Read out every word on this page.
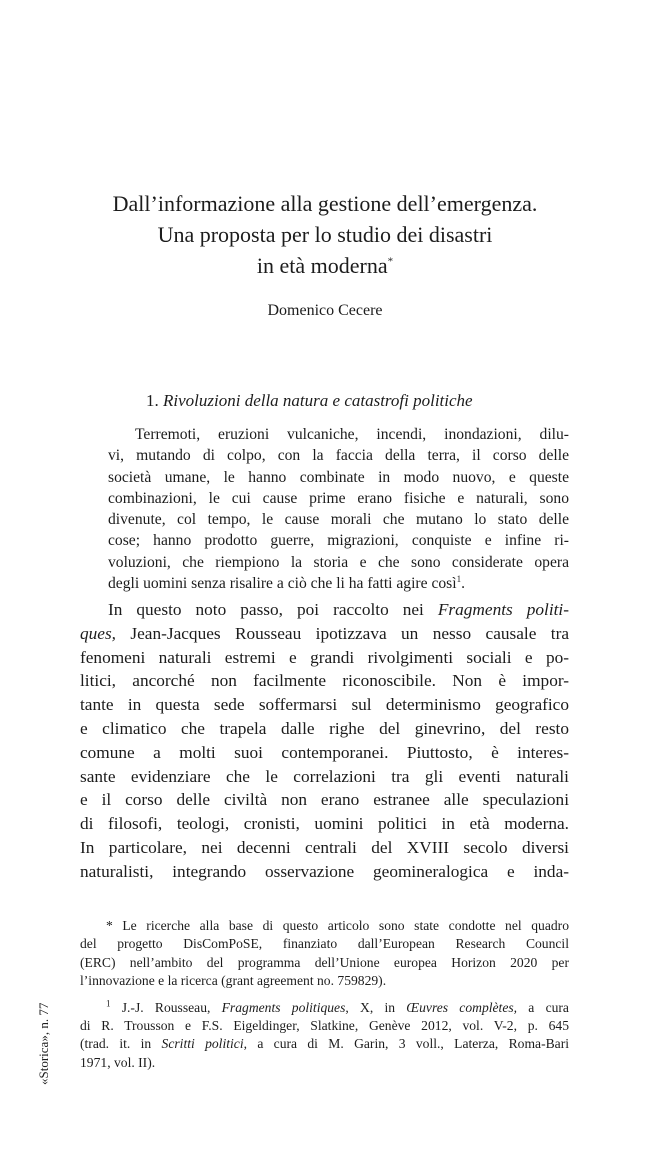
Dall’informazione alla gestione dell’emergenza.
Una proposta per lo studio dei disastri
in età moderna*
Domenico Cecere
1. Rivoluzioni della natura e catastrofi politiche
Terremoti, eruzioni vulcaniche, incendi, inondazioni, dilu-
vi, mutando di colpo, con la faccia della terra, il corso delle
società umane, le hanno combinate in modo nuovo, e queste
combinazioni, le cui cause prime erano fisiche e naturali, sono
divenute, col tempo, le cause morali che mutano lo stato delle
cose; hanno prodotto guerre, migrazioni, conquiste e infine ri-
voluzioni, che riempiono la storia e che sono considerate opera
degli uomini senza risalire a ciò che li ha fatti agire così$^1$.
In questo noto passo, poi raccolto nei Fragments politi-
ques, Jean-Jacques Rousseau ipotizzava un nesso causale tra
fenomeni naturali estremi e grandi rivolgimenti sociali e po-
litici, ancorché non facilmente riconoscibile. Non è impor-
tante in questa sede soffermarsi sul determinismo geografico
e climatico che trapela dalle righe del ginevrino, del resto
comune a molti suoi contemporanei. Piuttosto, è interes-
sante evidenziare che le correlazioni tra gli eventi naturali
e il corso delle civiltà non erano estranee alle speculazioni
di filosofi, teologi, cronisti, uomini politici in età moderna.
In particolare, nei decenni centrali del XVIII secolo diversi
naturalisti, integrando osservazione geomineralogica e inda-
* Le ricerche alla base di questo articolo sono state condotte nel quadro
del progetto DisComPoSE, finanziato dall’European Research Council
(ERC) nell’ambito del programma dell’Unione europea Horizon 2020 per
l’innovazione e la ricerca (grant agreement no. 759829).
$^1$ J.-J. Rousseau, Fragments politiques, X, in Œuvres complètes, a cura
di R. Trousson e F.S. Eigeldinger, Slatkine, Genève 2012, vol. V-2, p. 645
(trad. it. in Scritti politici, a cura di M. Garin, 3 voll., Laterza, Roma-Bari
1971, vol. II).
«Storica», n. 77
